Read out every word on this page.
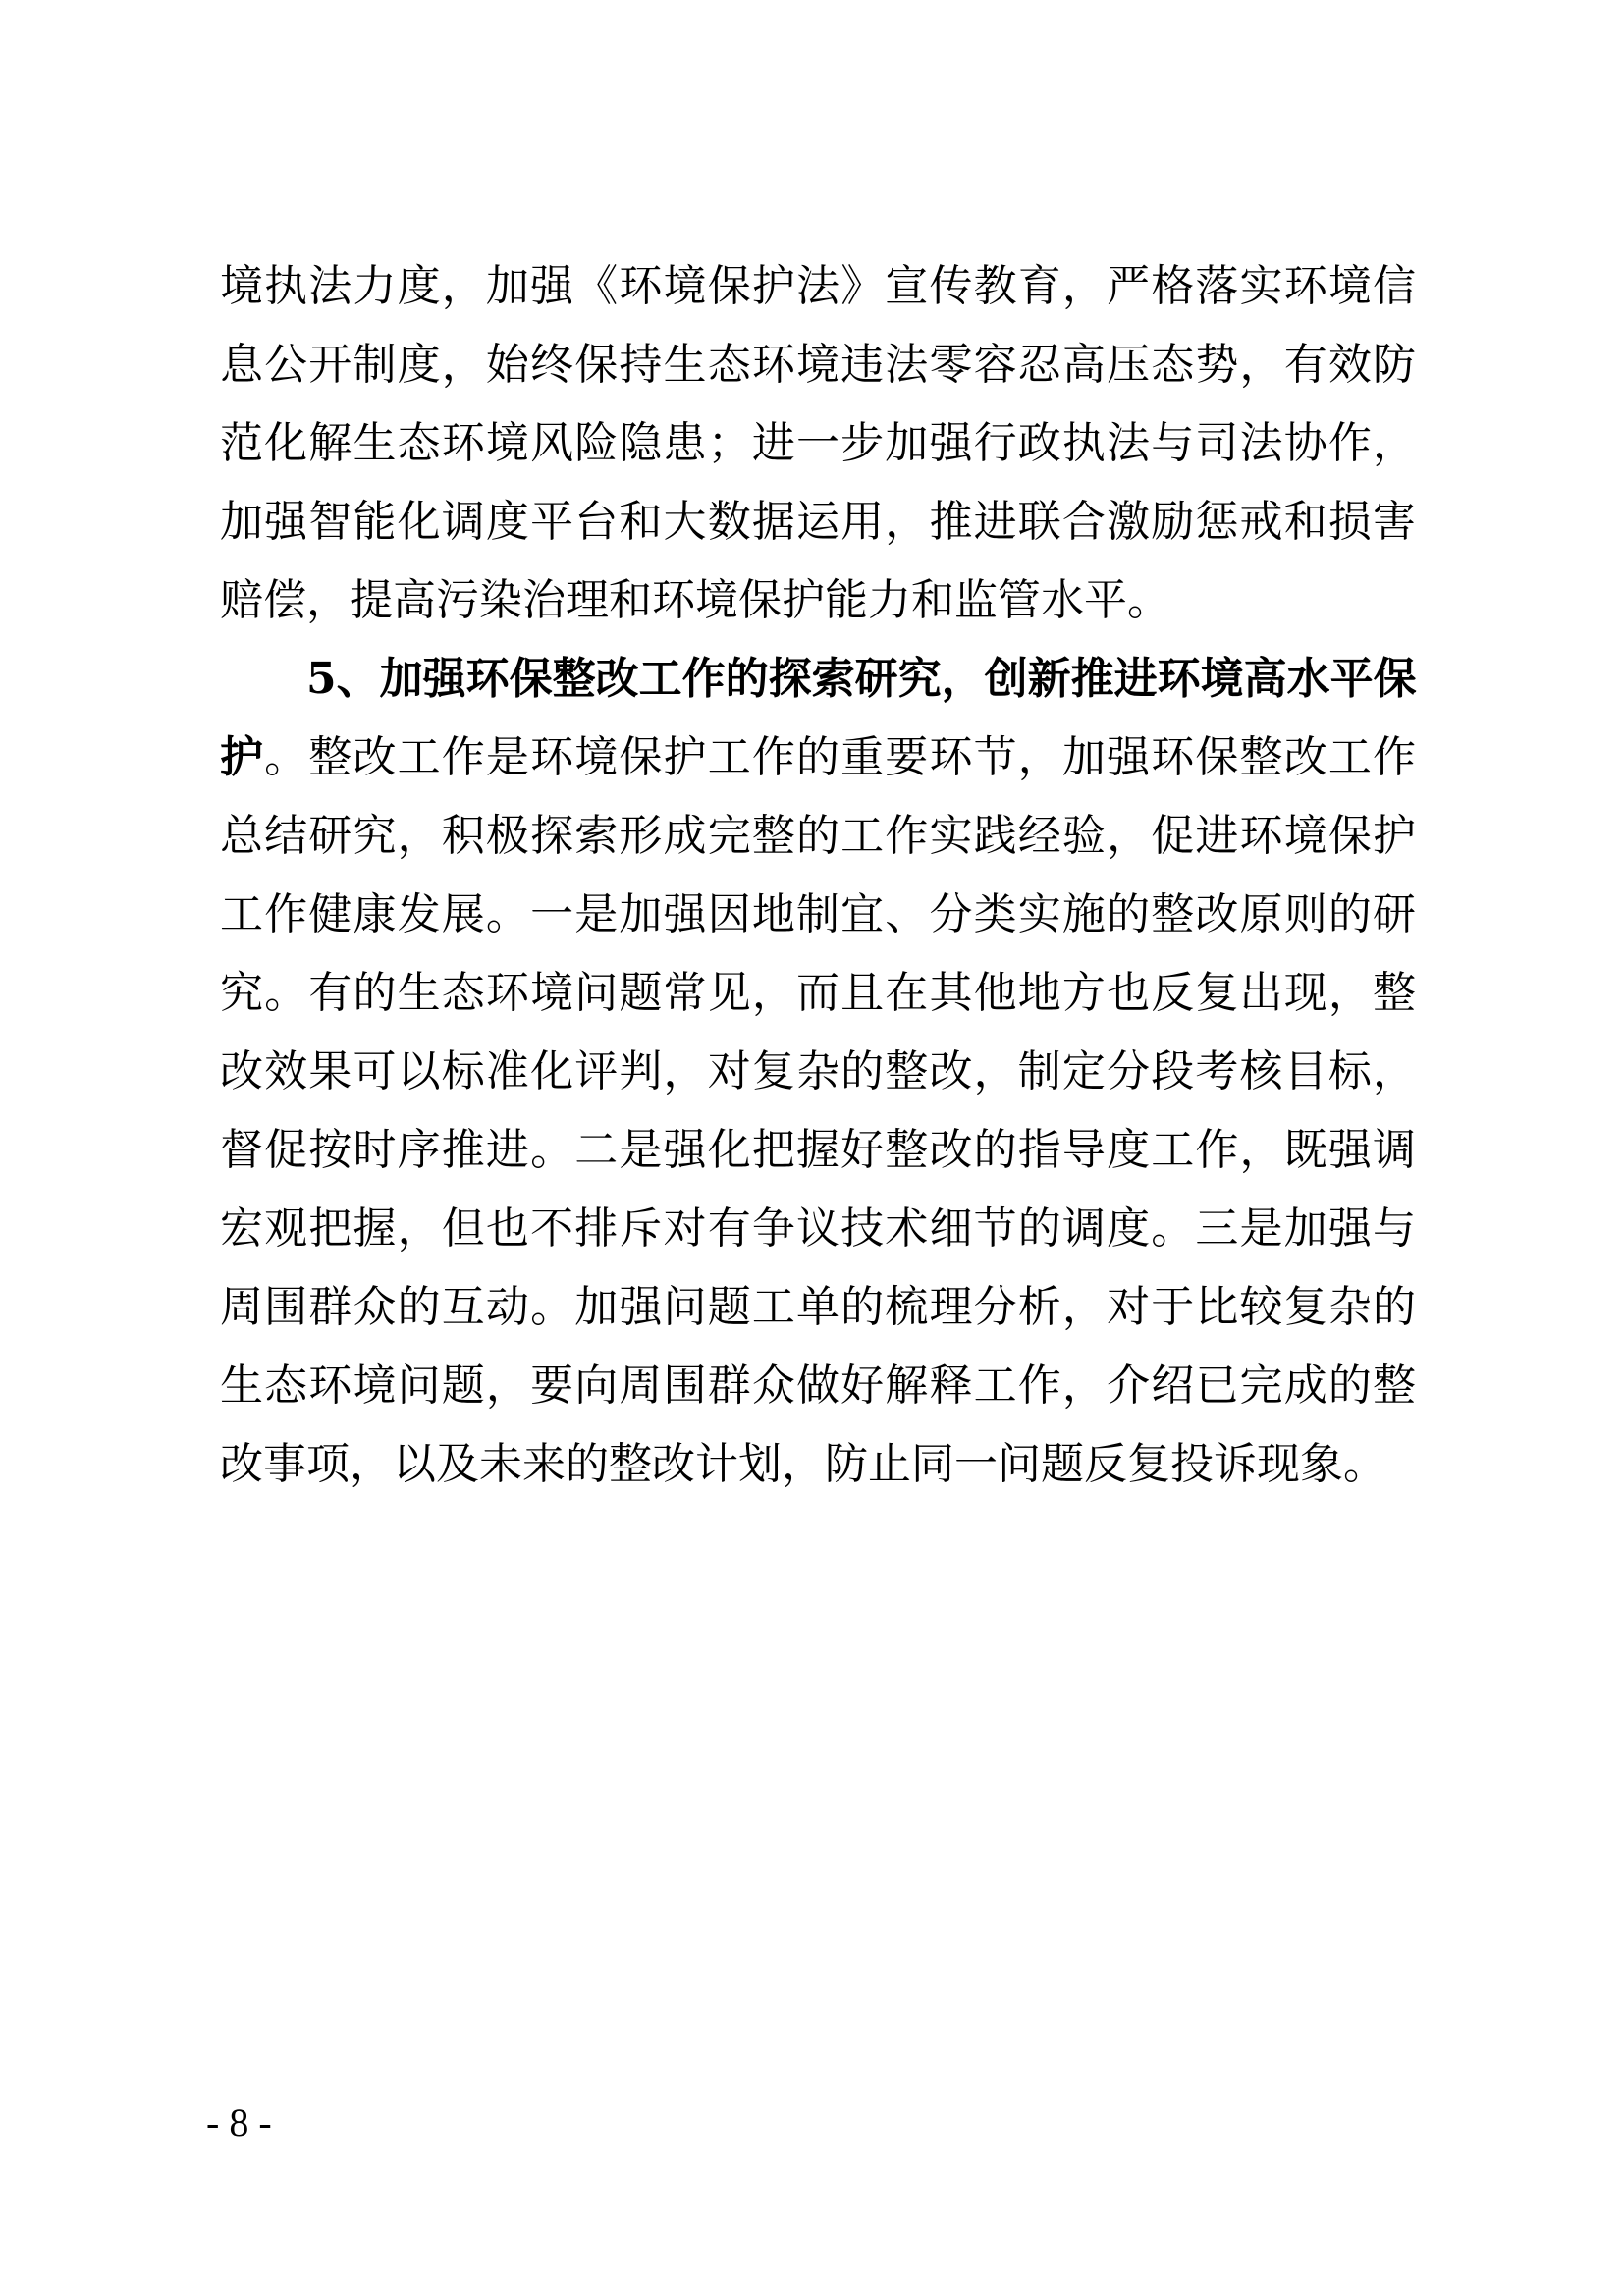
境执法力度，加强《环境保护法》宣传教育，严格落实环境信
息公开制度，始终保持生态环境违法零容忍高压态势，有效防
范化解生态环境风险隐患；进一步加强行政执法与司法协作，
加强智能化调度平台和大数据运用，推进联合激励惩戒和损害
赔偿，提高污染治理和环境保护能力和监管水平。
5、加强环保整改工作的探索研究，创新推进环境高水平保
护。整改工作是环境保护工作的重要环节，加强环保整改工作
总结研究，积极探索形成完整的工作实践经验，促进环境保护
工作健康发展。一是加强因地制宜、分类实施的整改原则的研
究。有的生态环境问题常见，而且在其他地方也反复出现，整
改效果可以标准化评判，对复杂的整改，制定分段考核目标，
督促按时序推进。二是强化把握好整改的指导度工作，既强调
宏观把握，但也不排斥对有争议技术细节的调度。三是加强与
周围群众的互动。加强问题工单的梳理分析，对于比较复杂的
生态环境问题，要向周围群众做好解释工作，介绍已完成的整
改事项，以及未来的整改计划，防止同一问题反复投诉现象。
- 8 -
